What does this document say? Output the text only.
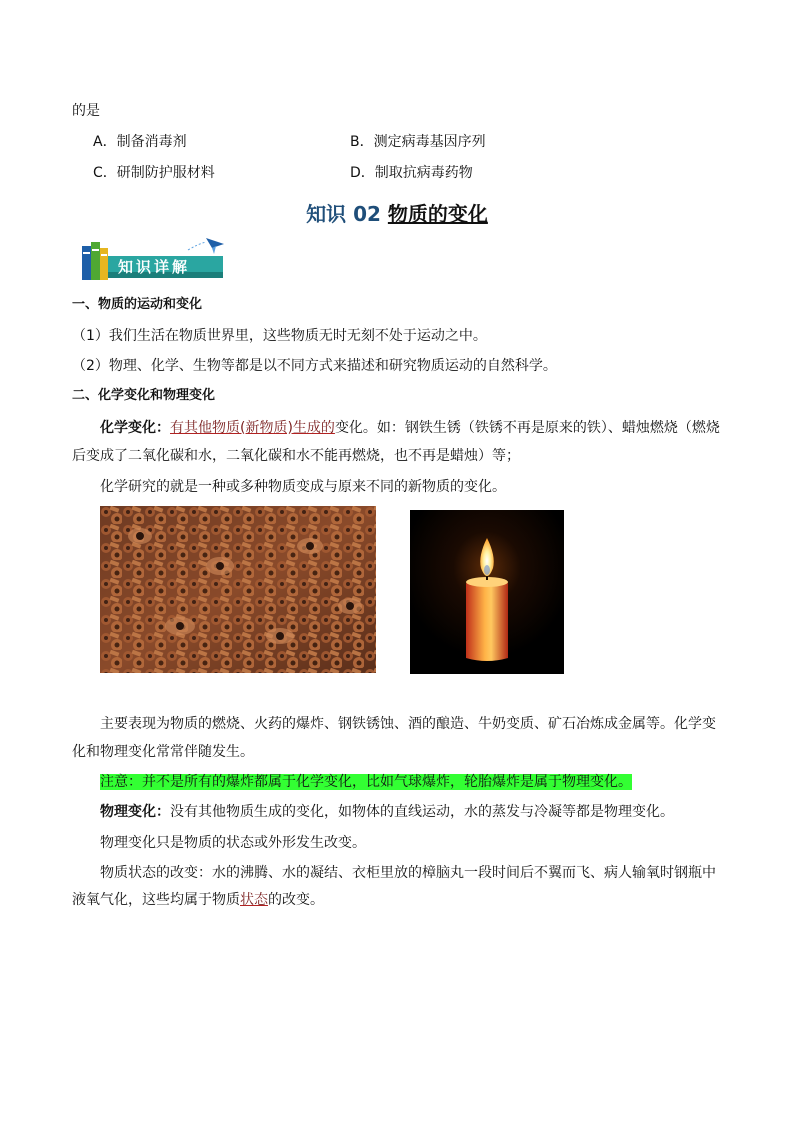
的是
A．制备消毒剂	B．测定病毒基因序列
C．研制防护服材料	D．制取抗病毒药物
知识 02 物质的变化
知识详解
一、物质的运动和变化
（1）我们生活在物质世界里，这些物质无时无刻不处于运动之中。
（2）物理、化学、生物等都是以不同方式来描述和研究物质运动的自然科学。
二、化学变化和物理变化
化学变化：有其他物质(新物质)生成的变化。如：钢铁生锈（铁锈不再是原来的铁）、蜡烛燃烧（燃烧
后变成了二氧化碳和水，二氧化碳和水不能再燃烧，也不再是蜡烛）等；
化学研究的就是一种或多种物质变成与原来不同的新物质的变化。
主要表现为物质的燃烧、火药的爆炸、钢铁锈蚀、酒的酿造、牛奶变质、矿石冶炼成金属等。化学变
化和物理变化常常伴随发生。
注意：并不是所有的爆炸都属于化学变化，比如气球爆炸，轮胎爆炸是属于物理变化。
物理变化：没有其他物质生成的变化，如物体的直线运动，水的蒸发与冷凝等都是物理变化。
物理变化只是物质的状态或外形发生改变。
物质状态的改变：水的沸腾、水的凝结、衣柜里放的樟脑丸一段时间后不翼而飞、病人输氧时钢瓶中
液氧气化，这些均属于物质状态的改变。
